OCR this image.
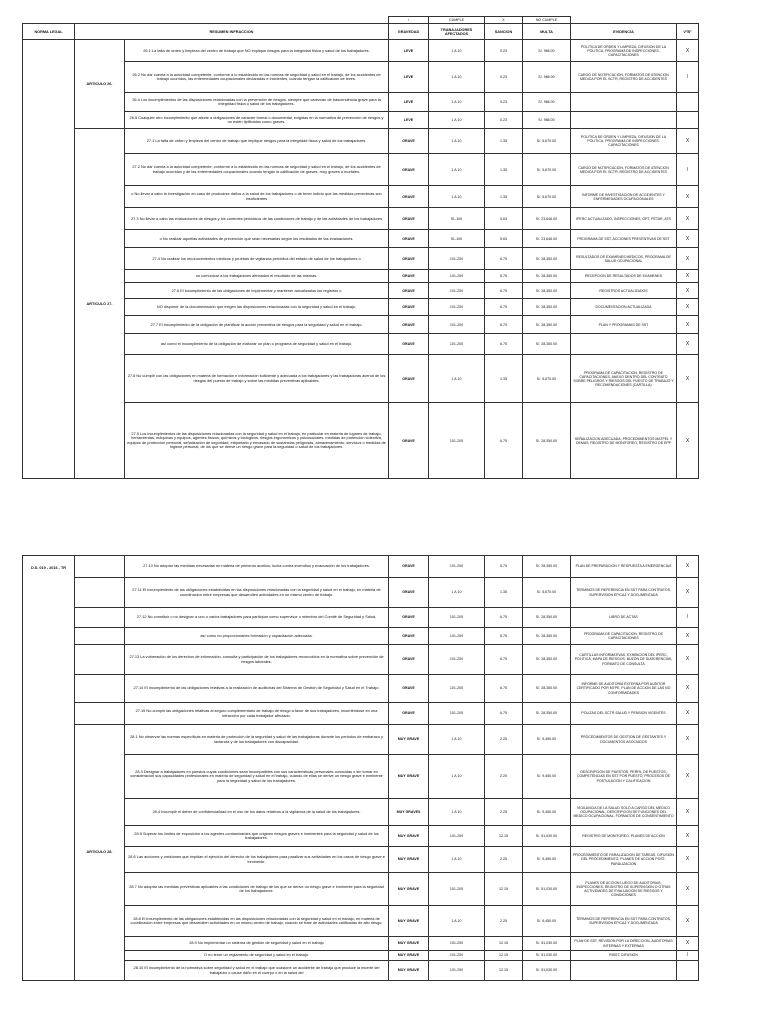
			/	CUMPLE	X	NO CUMPLE		
NORMA LEGAL	RESUMEN INFRACCION		GRAVEDAD	TRABAJADORES AFECTADOS	SANCION	MULTA	EVIDENCIA	V°B°
	ARTICULO 26.	26.1 La falta de orden y limpieza del centro de trabajo que NO implique riesgos para la integridad física y salud de los trabajadores.	LEVE	1 A 10	0.23	S/. 966.00	POLITICA DE ORDEN Y LIMPIEZA, DIFUSION DE LA POLITICA, PROGRAMA DE INSPECCIONES, CAPACITACIONES	X
		26.2 No dar cuenta a la autoridad competente, conforme a lo establecido en las normas de seguridad y salud en el trabajo, de los accidentes de trabajo ocurridos, las enfermedades ocupacionales declaradas e incidentes, cuando tengan la calificación de leves.	LEVE	1 A 10	0.23	S/. 966.00	CARGO DE NOTIFICACION, FORMATOS DE ATENCION MEDICA POR EL SCTR, REGISTRO DE ACCIDENTES	/
		26.4 Los incumplimientos de las disposiciones relacionadas con la prevención de riesgos, siempre que carezcan de trascendencia grave para la integridad física o salud de los trabajadores.	LEVE	1 A 10	0.23	S/. 966.00		
		26.5 Cualquier otro incumplimiento que afecte a obligaciones de carácter formal o documental, exigidas en la normativa de prevención de riesgos y no estén tipificados como graves.	LEVE	1 A 10	0.23	S/. 966.00		
	ARTICULO 27.	27.1 La falta de orden y limpieza del centro de trabajo que implique riesgos para la integridad física y salud de los trabajadores.	GRAVE	1 A 10	1.35	S/. 5,670.00	POLITICA DE ORDEN Y LIMPIEZA, DIFUSION DE LA POLITICA, PROGRAMA DE INSPECCIONES, CAPACITACIONES	X
		27.2 No dar cuenta a la autoridad competente, conforme a lo establecido en las normas de seguridad y salud en el trabajo, de los accidentes de trabajo ocurridos y de las enfermedades ocupacionales cuando tengan la calificación de graves, muy graves o mortales.	GRAVE	1 A 10	1.35	S/. 5,670.00	CARGO DE NOTIFICACION, FORMATOS DE ATENCION MEDICA POR EL SCTR, REGISTRO DE ACCIDENTES	/
		o No llevar a cabo la investigación en caso de producirse daños a la salud de los trabajadores o de tener indicio que las medidas preventivas son insuficientes	GRAVE	1 A 10	1.35	S/. 5,670.00	INFORME DE INVESTIGACION DE ACCIDENTES Y ENFERMEDADES OCUPACIONALES	X
		27.3 No llevar a cabo las evaluaciones de riesgos y los controles periódicos de las condiciones de trabajo y de las actividades de los trabajadores	GRAVE	51-100	5.63	S/. 23,646.00	IPERC ACTUALIZADO, INSPECCIONES, OPT, PETAR, ATS	X
		o No realizar aquellas actividades de prevención que sean necesarias según los resultados de las evaluaciones.	GRAVE	51-100	5.63	S/. 23,646.00	PROGRAMA DE SST, ACCIONES PREVENTIVAS DE SST	X
		27.4 No realizar los reconocimientos médicos y pruebas de vigilancia periódica del estado de salud de los trabajadores o	GRAVE	101-200	6.75	S/. 28,350.00	RESULTADOS DE EXAMENES MEDICOS, PROGRAMA DE SALUD OCUPACIONAL	X
		no comunicar a los trabajadores afectados el resultado de las mismas.	GRAVE	101-200	6.75	S/. 28,350.00	RECEPCION DE RESULTADOS DE EXAMENES	X
		27.6 El incumplimiento de las obligaciones de implementar y mantener actualizados los registros o	GRAVE	101-200	6.75	S/. 28,350.00	REGISTROS ACTUALIZADOS	X
		NO disponer de la documentación que exigen las disposiciones relacionadas con la seguridad y salud en el trabajo.	GRAVE	101-200	6.75	S/. 28,350.00	DOCUMENTACION ACTUALIZADA	X
		27.7 El incumplimiento de la obligación de planificar la acción preventiva de riesgos para la seguridad y salud en el trabajo.	GRAVE	101-200	6.75	S/. 28,350.00	PLAN Y PROGRAMAS DE SST	X
		así como el incumplimiento de la obligación de elaborar un plan o programa de seguridad y salud en el trabajo.	GRAVE	101-200	6.75	S/. 28,350.00		X
		27.8 No cumplir con las obligaciones en materia de formación e información suficiente y adecuada a los trabajadores y las trabajadoras acerca de los riesgos del puesto de trabajo y sobre las medidas preventivas aplicables.	GRAVE	1 A 10	1.35	S/. 5,670.00	PROGRAMA DE CAPACITACION, REGISTRO DE CAPACITACIONES, ANEXO DENTRO DEL CONTRATO SOBRE PELIGROS Y RIESGOS DEL PUESTO DE TRABAJO Y RECOMENDACIONES (CARTILLA)	X
		27.9 Los incumplimientos de las disposiciones relacionadas con la seguridad y salud en el trabajo, en particular en materia de lugares de trabajo, herramientas, máquinas y equipos, agentes físicos, químicos y biológicos, riesgos ergonómicos y psicosociales, medidas de protección colectiva, equipos de protección personal, señalización de seguridad, etiquetado y envasado de sustancias peligrosas, almacenamiento, servicios o medidas de higiene personal, de los que se derive un riesgo grave para la seguridad o salud de los trabajadores.	GRAVE	101-200	6.75	S/. 28,350.00	SEÑALIZACION ADECUADA, PROCEDIMIENTOS MATPEL Y DEMAS, REGISTRO DE MONITOREO, REGISTRO DE EPP	X
D.S. 019 - 2016 - TR		27.10 No adoptar las medidas necesarias en materia de primeros auxilios, lucha contra incendios y evacuación de los trabajadores.	GRAVE	101-200	6.75	S/. 28,350.00	PLAN DE PREPARACION Y RESPUESTA A EMERGENCIAS	X
		27.11 El incumplimiento de las obligaciones establecidas en las disposiciones relacionadas con la seguridad y salud en el trabajo, en materia de coordinación entre empresas que desarrollen actividades en un mismo centro de trabajo.	GRAVE	1 A 10	1.35	S/. 5,670.00	TERMINOS DE REFERENCIA EN SST PARA CONTRATOS, SUPERVISION EFICAZ Y DOCUMENTADA	X
		27.12 No constituir o no designar a uno o varios trabajadores para participar como supervisor o miembro del Comité de Seguridad y Salud,	GRAVE	101-200	6.75	S/. 28,350.00	LIBRO DE ACTAS	/
		así como no proporcionarles formación y capacitación adecuada.	GRAVE	101-200	6.75	S/. 28,350.00	PROGRAMA DE CAPACITACION, REGISTRO DE CAPACITACIONES	X
		27.13 La vulneración de los derechos de información, consulta y participación de los trabajadores reconocidos en la normativa sobre prevención de riesgos laborales.	GRAVE	101-200	6.75	S/. 28,350.00	CARTILLAS INFORMATIVAS, EXHIBICION DEL IPERC, POLITICA, MAPA DE RIESGOS, BUZON DE SUGERENCIAS, FORMATO DE CONSULTA	X
		27.14 El incumplimiento de las obligaciones relativas a la realización de auditorías del Sistema de Gestión de Seguridad y Salud en el Trabajo.	GRAVE	101-200	6.75	S/. 28,350.00	INFORME DE AUDITORIA EXTERNA POR AUDITOR CERTIFICADO POR MTPE, PLAN DE ACCION DE LAS NO CONFORMIDADES	X
		27.15 No cumplir las obligaciones relativas al seguro complementario de trabajo de riesgo a favor de sus trabajadores, incurriéndose en una infracción por cada trabajador afectado.	GRAVE	101-200	6.75	S/. 28,350.00	POLIZAS DEL SCTR SALUD Y PENSION VIGENTES	X
	ARTICULO 28.	28.1 No observar las normas específicas en materia de protección de la seguridad y salud de las trabajadoras durante los periodos de embarazo y lactancia y de los trabajadores con discapacidad.	MUY GRAVE	1 A 10	2.25	S/. 9,450.00	PROCEDIMIENTOS DE GESTION DE GESTANTES Y DOCUMENTOS ASOCIADOS	X
		28.3 Designar a trabajadores en puestos cuyas condiciones sean incompatibles con sus características personales conocidas o sin tomar en consideración sus capacidades profesionales en materia de seguridad y salud en el trabajo, cuando de ellas se derive un riesgo grave e inminente para la seguridad y salud de los trabajadores.	MUY GRAVE	1 A 10	2.25	S/. 9,450.00	DESCRIPCION DE PUESTOS, PERFIL DE PUESTOS, COMPETENCIAS EN SST POR PUESTO, PROCESOS DE POSTULACION Y CALIFICACION	X
		28.4 Incumplir el deber de confidencialidad en el uso de los datos relativos a la vigilancia de la salud de los trabajadores.	MUY GRAVES	1 A 10	2.25	S/. 9,450.00	VIGILANCIA DE LA SALUD SOLO A CARGO DEL MEDICO OCUPACIONAL, DESCRIPCION DE FUNCIONES DEL MEDICO OCUPACIONAL, FORMATOS DE CONSENTIMIENTO	X
		28.5 Superar los límites de exposición a los agentes contaminantes que originen riesgos graves e inminentes para la seguridad y salud de los trabajadores.	MUY GRAVE	101-200	12.15	S/. 51,030.00	REGISTRO DE MONITOREO, PLANES DE ACCION	X
		28.6 Las acciones y omisiones que impidan el ejercicio del derecho de los trabajadores para paralizar sus actividades en los casos de riesgo grave e inminente.	MUY GRAVE	1 A 10	2.25	S/. 9,450.00	PROCEDIMIENTO DE PARALIZACION DE TAREAS, DIFUSION DEL PROCEDIMIENTO, PLANES DE ACCION POST-PARALIZACION	X
		28.7 No adoptar las medidas preventivas aplicables a las condiciones de trabajo de los que se derive un riesgo grave e inminente para la seguridad de los trabajadores.	MUY GRAVE	101-200	12.15	S/. 51,030.00	PLANES DE ACCION LUEGO DE AUDITORIAS, INSPECCIONES, REGISTRO DE SUPERVISION O OTRAS ACTIVIDADES DE EVALUACION DE RIESGOS Y CONDICIONES	X
		28.8 El incumplimiento de las obligaciones establecidas en las disposiciones relacionadas con la seguridad y salud en el trabajo, en materia de coordinación entre empresas que desarrollen actividades en un mismo centro de trabajo, cuando se trate de actividades calificadas de alto riesgo.	MUY GRAVE	1 A 10	2.25	S/. 9,450.00	TERMINOS DE REFERENCIA EN SST PARA CONTRATOS, SUPERVISION EFICAZ Y DOCUMENTADA	X
		28.9 No implementar un sistema de gestión de seguridad y salud en el trabajo	MUY GRAVE	101-200	12.15	S/. 51,030.00	PLAN DE SST, REVISION POR LA DIRECCION, AUDITORIAS INTERNAS Y EXTERNAS	X
		O no tener un reglamento de seguridad y salud en el trabajo.	MUY GRAVE	101-200	12.15	S/. 51,030.00	RISST, DIFUSION	/
		28.10 El incumplimiento de la normativa sobre seguridad y salud en el trabajo que ocasione un accidente de trabajo que produce la muerte del trabajador o cause daño en el cuerpo o en la salud del	MUY GRAVE	101-200	12.15	S/. 51,030.00		
